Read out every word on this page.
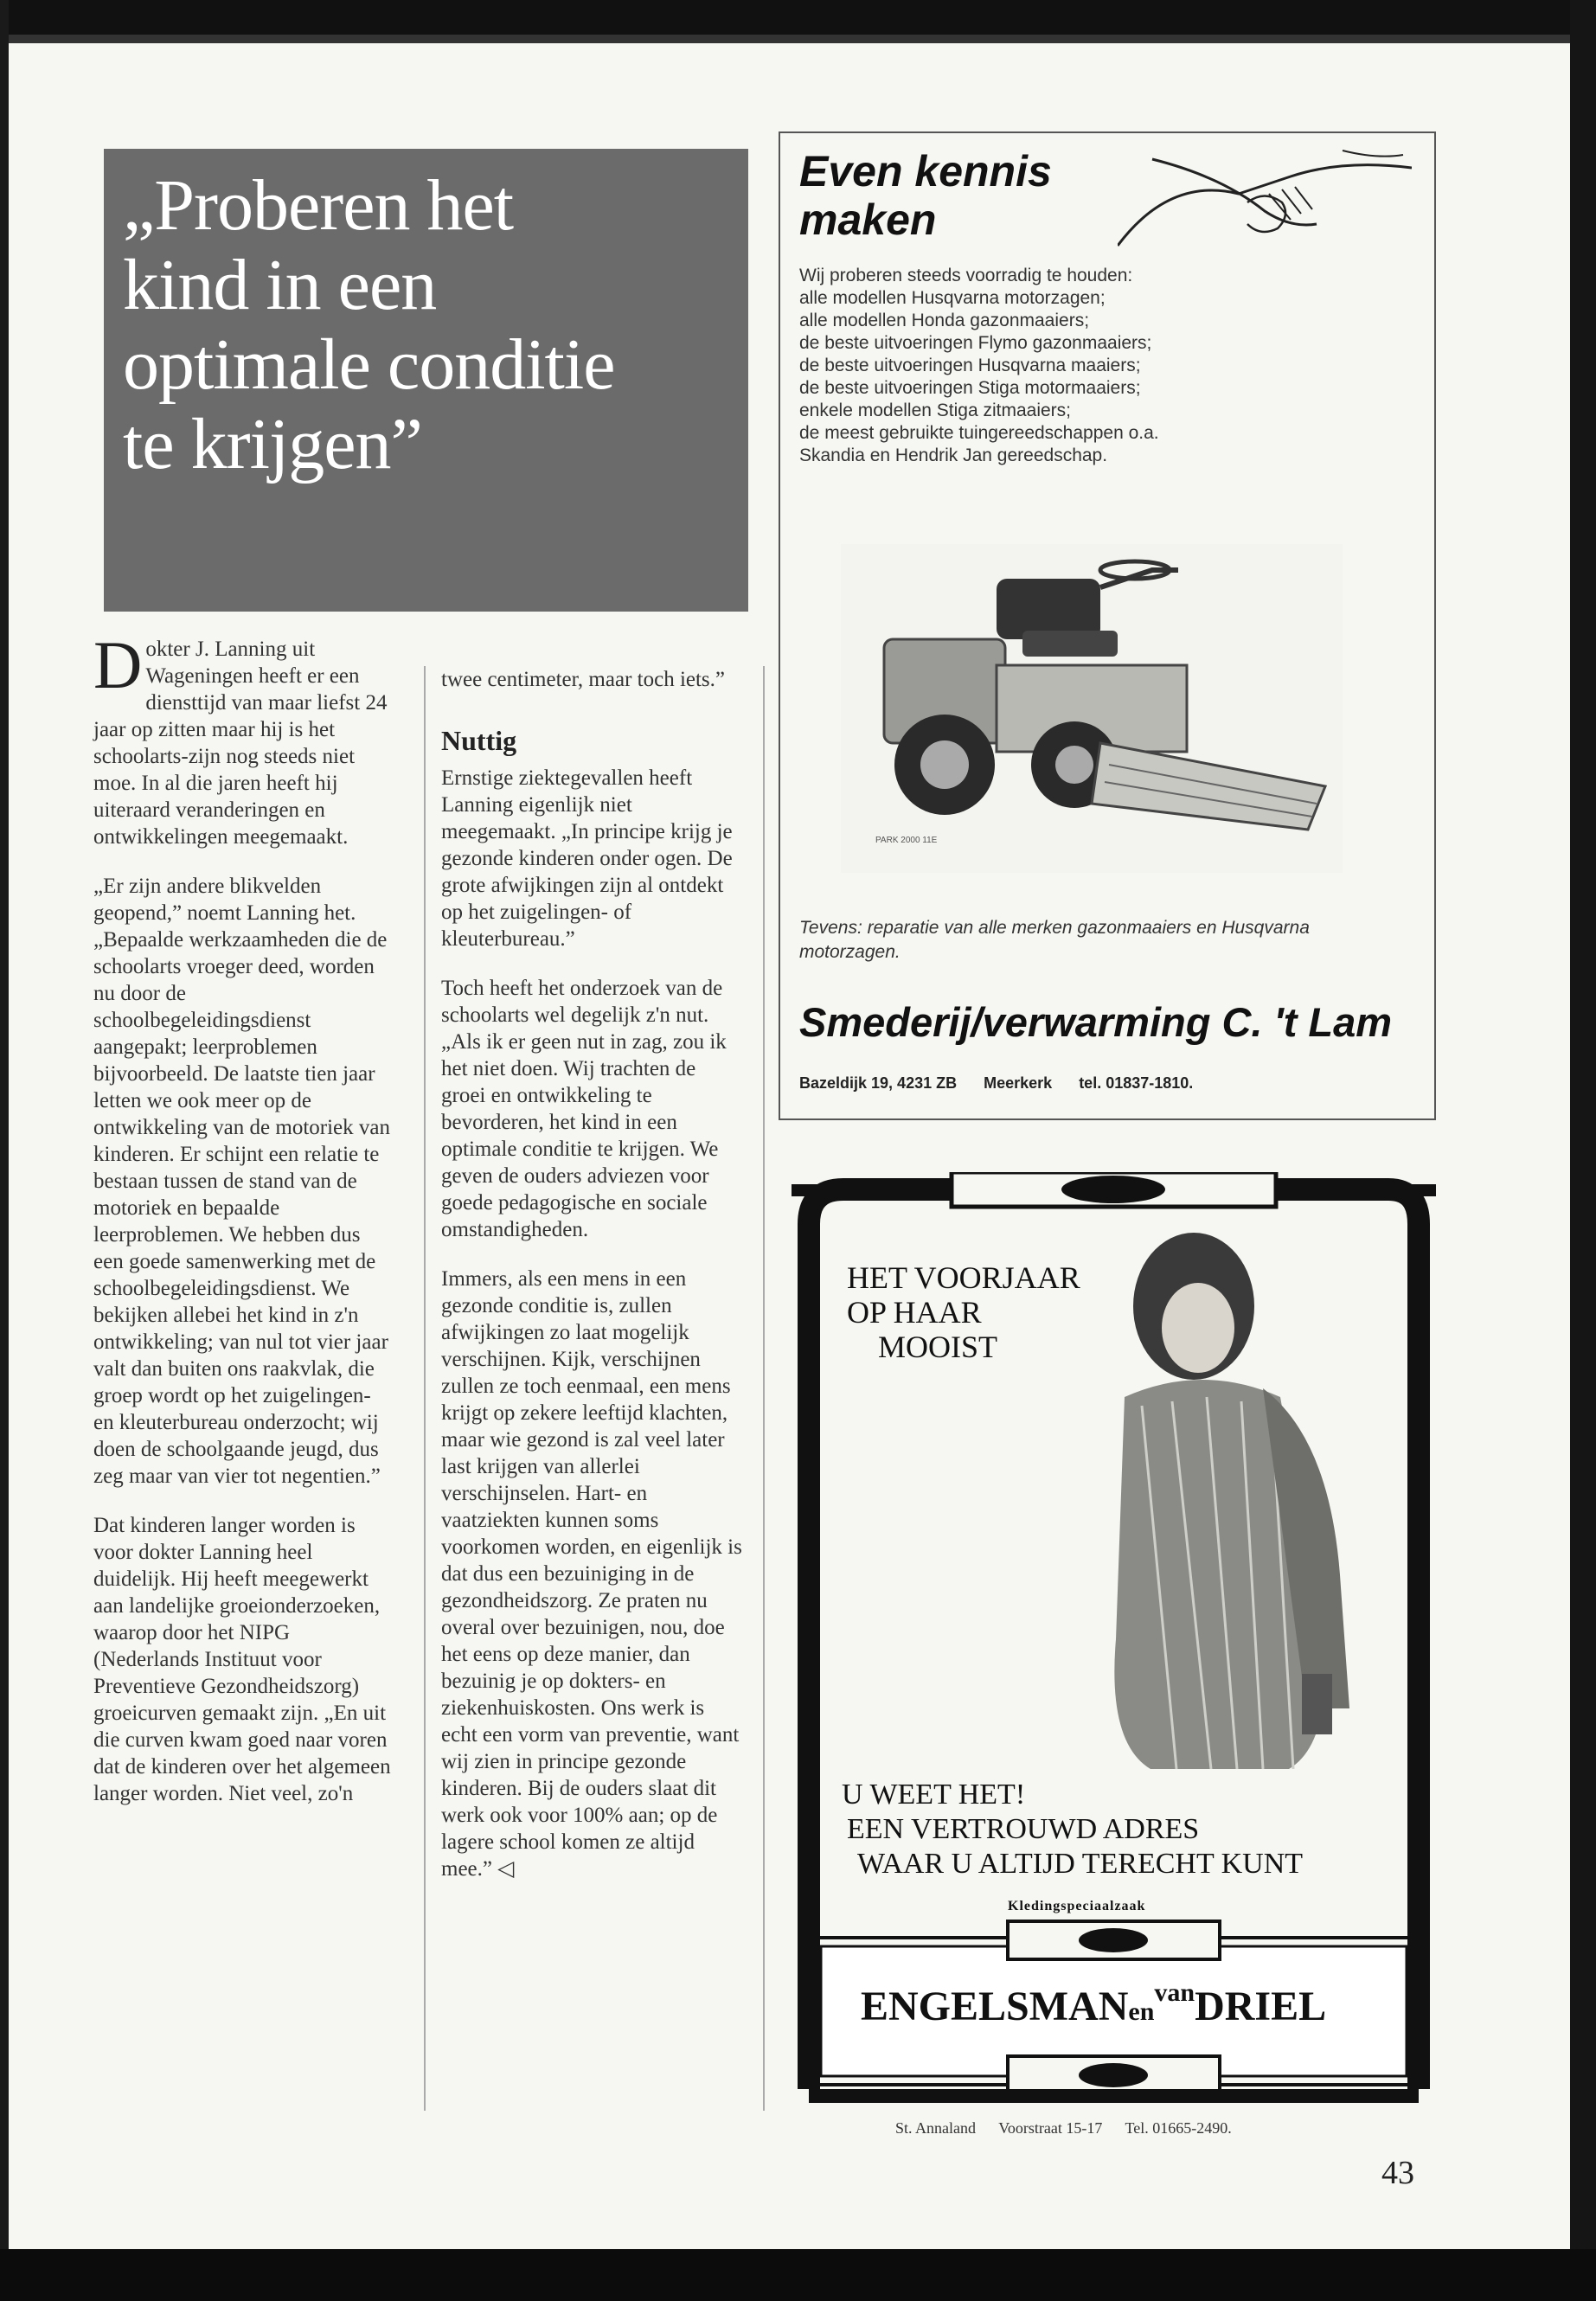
„Proberen het
kind in een
optimale conditie
te krijgen”

Dokter J. Lanning uit Wageningen heeft er een diensttijd van maar liefst 24 jaar op zitten maar hij is het schoolarts-zijn nog steeds niet moe. In al die jaren heeft hij uiteraard veranderingen en ontwikkelingen meegemaakt.

„Er zijn andere blikvelden geopend,” noemt Lanning het. „Bepaalde werkzaamheden die de schoolarts vroeger deed, worden nu door de schoolbegeleidingsdienst aangepakt; leerproblemen bijvoorbeeld. De laatste tien jaar letten we ook meer op de ontwikkeling van de motoriek van kinderen. Er schijnt een relatie te bestaan tussen de stand van de motoriek en bepaalde leerproblemen. We hebben dus een goede samenwerking met de schoolbegeleidingsdienst. We bekijken allebei het kind in z'n ontwikkeling; van nul tot vier jaar valt dan buiten ons raakvlak, die groep wordt op het zuigelingen- en kleuterbureau onderzocht; wij doen de schoolgaande jeugd, dus zeg maar van vier tot negentien.”

Dat kinderen langer worden is voor dokter Lanning heel duidelijk. Hij heeft meegewerkt aan landelijke groeionderzoeken, waarop door het NIPG (Nederlands Instituut voor Preventieve Gezondheidszorg) groeicurven gemaakt zijn. „En uit die curven kwam goed naar voren dat de kinderen over het algemeen langer worden. Niet veel, zo'n

twee centimeter, maar toch iets.”

Nuttig

Ernstige ziektegevallen heeft Lanning eigenlijk niet meegemaakt. „In principe krijg je gezonde kinderen onder ogen. De grote afwijkingen zijn al ontdekt op het zuigelingen- of kleuterbureau.”

Toch heeft het onderzoek van de schoolarts wel degelijk z'n nut. „Als ik er geen nut in zag, zou ik het niet doen. Wij trachten de groei en ontwikkeling te bevorderen, het kind in een optimale conditie te krijgen. We geven de ouders adviezen voor goede pedagogische en sociale omstandigheden.

Immers, als een mens in een gezonde conditie is, zullen afwijkingen zo laat mogelijk verschijnen. Kijk, verschijnen zullen ze toch eenmaal, een mens krijgt op zekere leeftijd klachten, maar wie gezond is zal veel later last krijgen van allerlei verschijnselen. Hart- en vaatziekten kunnen soms voorkomen worden, en eigenlijk is dat dus een bezuiniging in de gezondheidszorg. Ze praten nu overal over bezuinigen, nou, doe het eens op deze manier, dan bezuinig je op dokters- en ziekenhuiskosten. Ons werk is echt een vorm van preventie, want wij zien in principe gezonde kinderen. Bij de ouders slaat dit werk ook voor 100% aan; op de lagere school komen ze altijd mee.” ◁

Even kennis
maken
Wij proberen steeds voorradig te houden:
alle modellen Husqvarna motorzagen;
alle modellen Honda gazonmaaiers;
de beste uitvoeringen Flymo gazonmaaiers;
de beste uitvoeringen Husqvarna maaiers;
de beste uitvoeringen Stiga motormaaiers;
enkele modellen Stiga zitmaaiers;
de meest gebruikte tuingereedschappen o.a.
Skandia en Hendrik Jan gereedschap.
PARK 2000 11E
Tevens: reparatie van alle merken gazonmaaiers en Husqvarna motorzagen.
Smederij/verwarming C. 't Lam
Bazeldijk 19, 4231 ZB Meerkerk tel. 01837-1810.
HET VOORJAAR
OP HAAR
MOOIST
U WEET HET!
EEN VERTROUWD ADRES
WAAR U ALTIJD TERECHT KUNT
Kledingspeciaalzaak
ENGELSMANen$^{van}$DRIEL
St. Annaland Voorstraat 15-17 Tel. 01665-2490.
43
